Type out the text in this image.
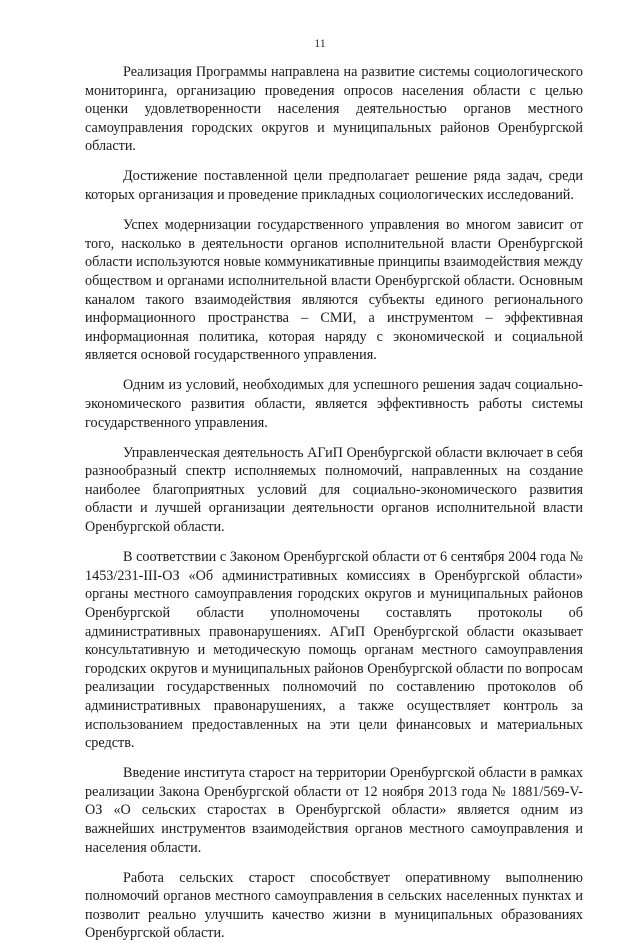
11

Реализация Программы направлена на развитие системы социологического мониторинга, организацию проведения опросов населения области с целью оценки удовлетворенности населения деятельностью органов местного самоуправления городских округов и муниципальных районов Оренбургской области.

Достижение поставленной цели предполагает решение ряда задач, среди которых организация и проведение прикладных социологических исследований.

Успех модернизации государственного управления во многом зависит от того, насколько в деятельности органов исполнительной власти Оренбургской области используются новые коммуникативные принципы взаимодействия между обществом и органами исполнительной власти Оренбургской области. Основным каналом такого взаимодействия являются субъекты единого регионального информационного пространства – СМИ, а инструментом – эффективная информационная политика, которая наряду с экономической и социальной является основой государственного управления.

Одним из условий, необходимых для успешного решения задач социально-экономического развития области, является эффективность работы системы государственного управления.

Управленческая деятельность АГиП Оренбургской области включает в себя разнообразный спектр исполняемых полномочий, направленных на создание наиболее благоприятных условий для социально-экономического развития области и лучшей организации деятельности органов исполнительной власти Оренбургской области.

В соответствии с Законом Оренбургской области от 6 сентября 2004 года № 1453/231-III-ОЗ «Об административных комиссиях в Оренбургской области» органы местного самоуправления городских округов и муниципальных районов Оренбургской области уполномочены составлять протоколы об административных правонарушениях. АГиП Оренбургской области оказывает консультативную и методическую помощь органам местного самоуправления городских округов и муниципальных районов Оренбургской области по вопросам реализации государственных полномочий по составлению протоколов об административных правонарушениях, а также осуществляет контроль за использованием предоставленных на эти цели финансовых и материальных средств.

Введение института старост на территории Оренбургской области в рамках реализации Закона Оренбургской области от 12 ноября 2013 года № 1881/569-V-ОЗ «О сельских старостах в Оренбургской области» является одним из важнейших инструментов взаимодействия органов местного самоуправления и населения области.

Работа сельских старост способствует оперативному выполнению полномочий органов местного самоуправления в сельских населенных пунктах и позволит реально улучшить качество жизни в муниципальных образованиях Оренбургской области.
